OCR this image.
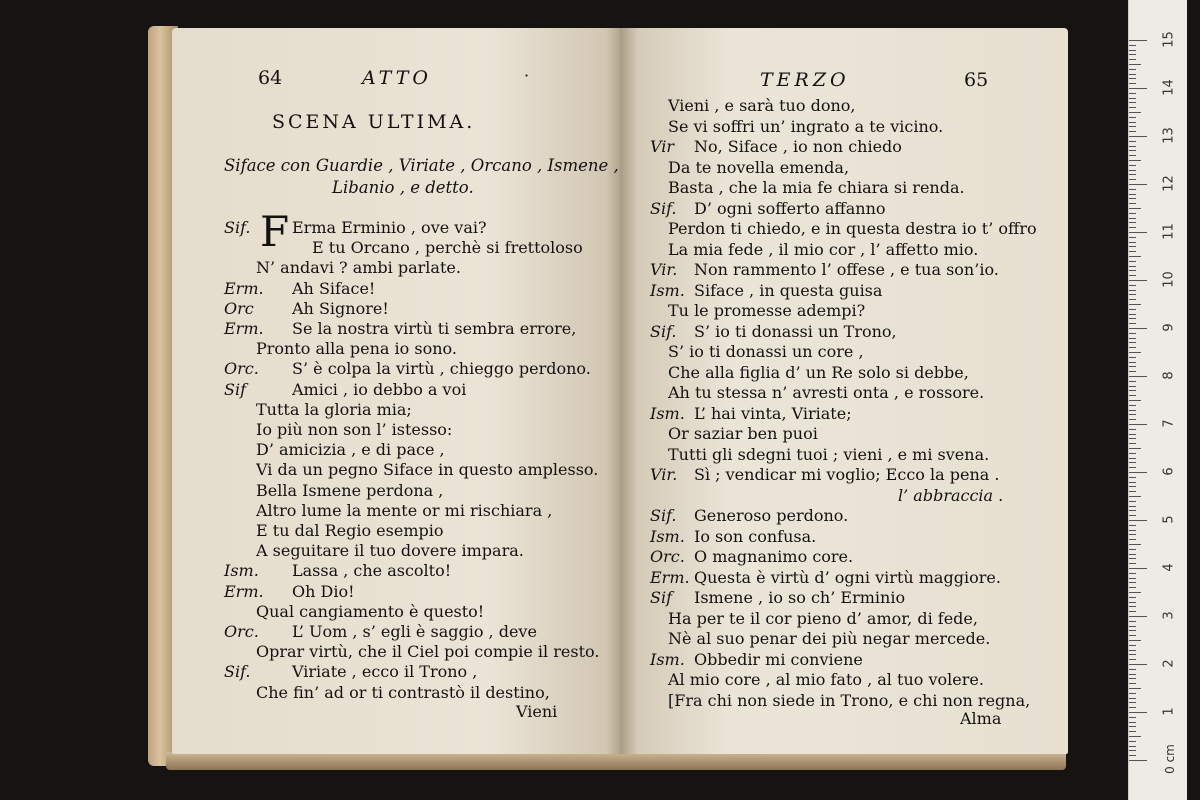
0 cm
15
14
13
12
11
10
9
8
7
6
5
4
3
2
1
64	ATTO	·
SCENA ULTIMA.
Siface con Guardie , Viriate , Orcano , Ismene ,
Libanio , e detto.
F
Sif.	Erma Erminio , ove vai?
E tu Orcano , perchè si frettoloso
N’ andavi ? ambi parlate.
Erm. Ah Siface!
Orc Ah Signore!
Erm. Se la nostra virtù ti sembra errore,
Pronto alla pena io sono.
Orc. S’ è colpa la virtù , chieggo perdono.
Sif	Amici , io debbo a voi
Tutta la gloria mia;
Io più non son l’ istesso:
D’ amicizia , e di pace ,
Vi da un pegno Siface in questo amplesso.
Bella Ismene perdona ,
Altro lume la mente or mi rischiara ,
E tu dal Regio esempio
A seguitare il tuo dovere impara.
Ism. Lassa , che ascolto!
Erm. Oh Dio!
Qual cangiamento è questo!
Orc. L’ Uom , s’ egli è saggio , deve
Oprar virtù, che il Ciel poi compie il resto.
Sif.	Viriate , ecco il Trono ,
Che fin’ ad or ti contrastò il destino,
Vieni
TERZO	65
Vieni , e sarà tuo dono,
Se vi soffri un’ ingrato a te vicino.
Vir No, Siface , io non chiedo
Da te novella emenda,
Basta , che la mia fe chiara si renda.
Sif. D’ ogni sofferto affanno
Perdon ti chiedo, e in questa destra io t’ offro
La mia fede , il mio cor , l’ affetto mio.
Vir. Non rammento l’ offese , e tua son’io.
Ism. Siface , in questa guisa
Tu le promesse adempi?
Sif. S’ io ti donassi un Trono,
S’ io ti donassi un core ,
Che alla figlia d’ un Re solo si debbe,
Ah tu stessa n’ avresti onta , e rossore.
Ism. L’ hai vinta, Viriate;
Or saziar ben puoi
Tutti gli sdegni tuoi ; vieni , e mi svena.
Vir. Sì ; vendicar mi voglio; Ecco la pena .
l’ abbraccia .
Sif. Generoso perdono.
Ism. Io son confusa.
Orc. O magnanimo core.
Erm. Questa è virtù d’ ogni virtù maggiore.
Sif Ismene , io so ch’ Erminio
Ha per te il cor pieno d’ amor, di fede,
Nè al suo penar dei più negar mercede.
Ism. Obbedir mi conviene
Al mio core , al mio fato , al tuo volere.
[Fra chi non siede in Trono, e chi non regna,
Alma
